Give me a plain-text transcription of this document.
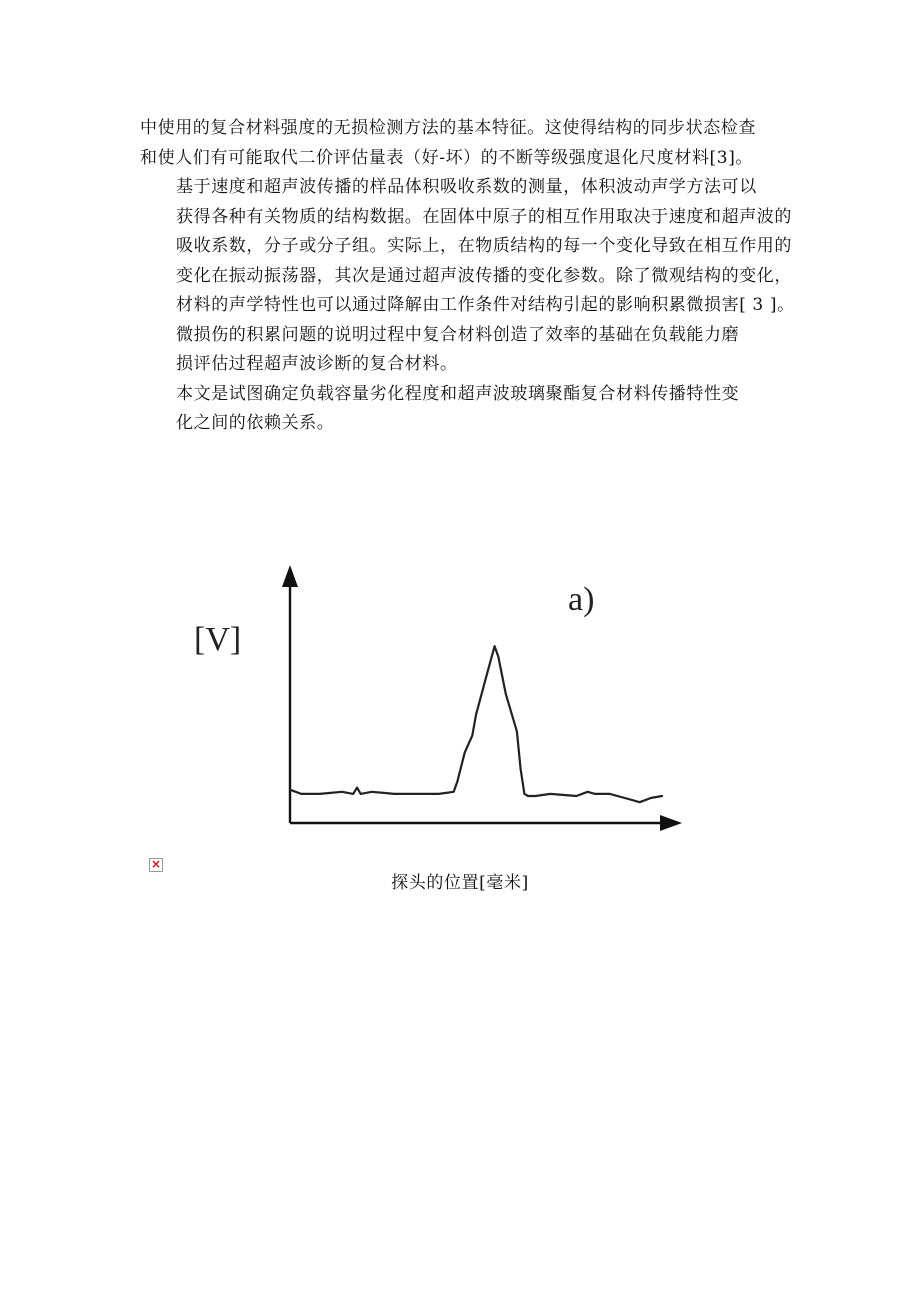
中使用的复合材料强度的无损检测方法的基本特征。这使得结构的同步状态检查
和使人们有可能取代二价评估量表（好-坏）的不断等级强度退化尺度材料[3]。

基于速度和超声波传播的样品体积吸收系数的测量，体积波动声学方法可以
获得各种有关物质的结构数据。在固体中原子的相互作用取决于速度和超声波的
吸收系数，分子或分子组。实际上，在物质结构的每一个变化导致在相互作用的
变化在振动振荡器，其次是通过超声波传播的变化参数。除了微观结构的变化，
材料的声学特性也可以通过降解由工作条件对结构引起的影响积累微损害[ 3 ]。

微损伤的积累问题的说明过程中复合材料创造了效率的基础在负载能力磨
损评估过程超声波诊断的复合材料。

本文是试图确定负载容量劣化程度和超声波玻璃聚酯复合材料传播特性变
化之间的依赖关系。

[V]
a)
×
探头的位置[毫米]
